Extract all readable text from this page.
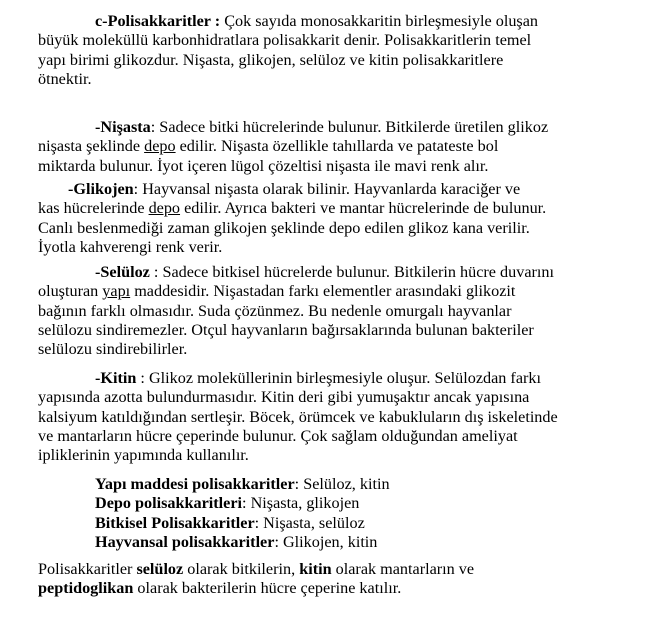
c-Polisakkaritler : Çok sayıda monosakkaritin birleşmesiyle oluşan

büyük moleküllü karbonhidratlara polisakkarit denir. Polisakkaritlerin temel

yapı birimi glikozdur. Nişasta, glikojen, selüloz ve kitin polisakkaritlere

ötnektir.

-Nişasta: Sadece bitki hücrelerinde bulunur. Bitkilerde üretilen glikoz

nişasta şeklinde depo edilir. Nişasta özellikle tahıllarda ve patateste bol

miktarda bulunur. İyot içeren lügol çözeltisi nişasta ile mavi renk alır.

-Glikojen: Hayvansal nişasta olarak bilinir. Hayvanlarda karaciğer ve

kas hücrelerinde depo edilir. Ayrıca bakteri ve mantar hücrelerinde de bulunur.

Canlı beslenmediği zaman glikojen şeklinde depo edilen glikoz kana verilir.

İyotla kahverengi renk verir.

-Selüloz : Sadece bitkisel hücrelerde bulunur. Bitkilerin hücre duvarını

oluşturan yapı maddesidir. Nişastadan farkı elementler arasındaki glikozit

bağının farklı olmasıdır. Suda çözünmez. Bu nedenle omurgalı hayvanlar

selülozu sindiremezler. Otçul hayvanların bağırsaklarında bulunan bakteriler

selülozu sindirebilirler.

-Kitin : Glikoz moleküllerinin birleşmesiyle oluşur. Selülozdan farkı

yapısında azotta bulundurmasıdır. Kitin deri gibi yumuşaktır ancak yapısına

kalsiyum katıldığından sertleşir. Böcek, örümcek ve kabukluların dış iskeletinde

ve mantarların hücre çeperinde bulunur. Çok sağlam olduğundan ameliyat

ipliklerinin yapımında kullanılır.

Yapı maddesi polisakkaritler: Selüloz, kitin

Depo polisakkaritleri: Nişasta, glikojen

Bitkisel Polisakkaritler: Nişasta, selüloz

Hayvansal polisakkaritler: Glikojen, kitin

Polisakkaritler selüloz olarak bitkilerin, kitin olarak mantarların ve

peptidoglikan olarak bakterilerin hücre çeperine katılır.
